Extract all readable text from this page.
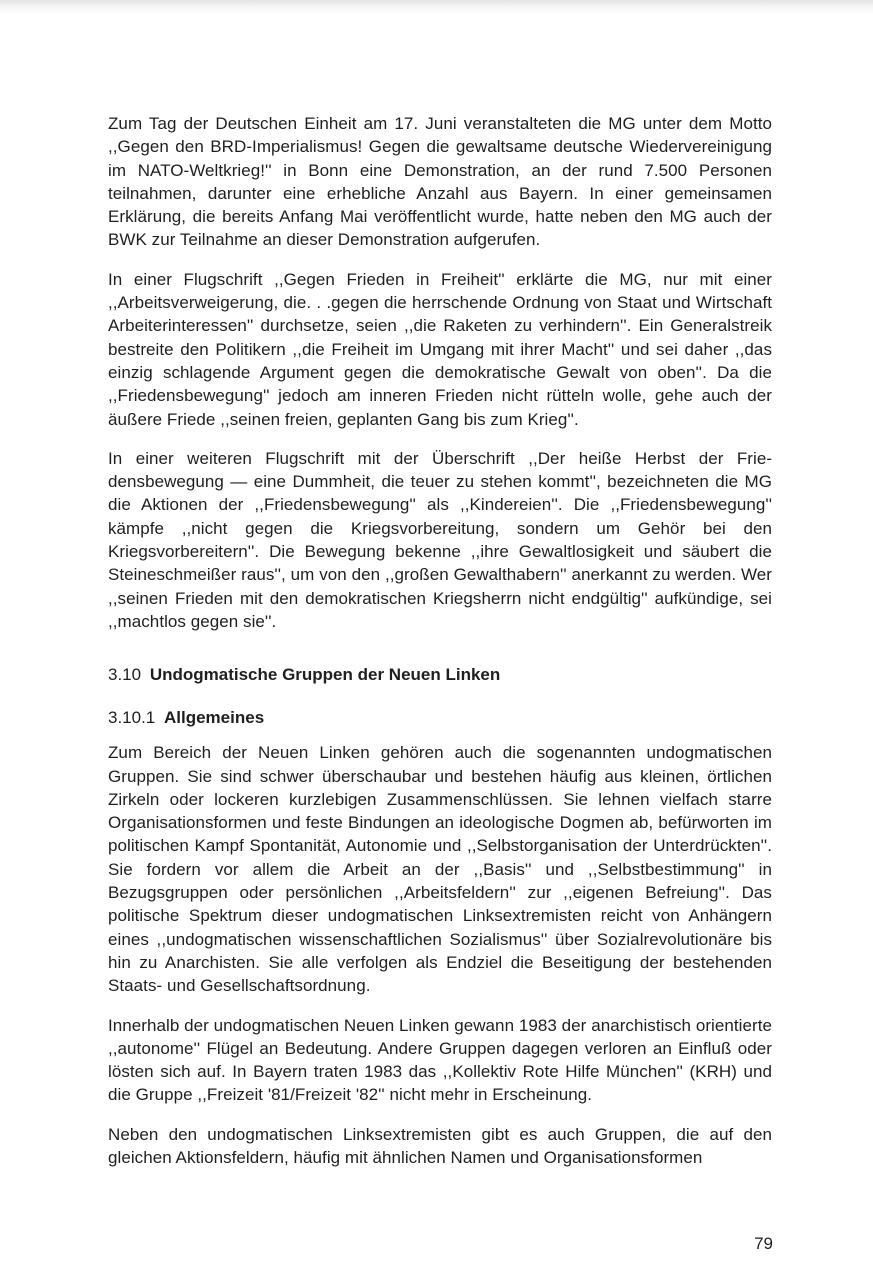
Zum Tag der Deutschen Einheit am 17. Juni veranstalteten die MG unter dem Motto ,,Gegen den BRD-Imperialismus! Gegen die gewaltsame deutsche Wiedervereinigung im NATO-Weltkrieg!'' in Bonn eine Demonstration, an der rund 7.500 Personen teilnahmen, darunter eine erhebliche Anzahl aus Bayern. In einer gemeinsamen Erklärung, die bereits Anfang Mai veröffentlicht wurde, hatte neben den MG auch der BWK zur Teilnahme an dieser Demonstration aufgerufen.

In einer Flugschrift ,,Gegen Frieden in Freiheit'' erklärte die MG, nur mit einer ,,Arbeitsverweigerung, die. . .gegen die herrschende Ordnung von Staat und Wirtschaft Arbeiterinteressen'' durchsetze, seien ,,die Raketen zu verhindern''. Ein Generalstreik bestreite den Politikern ,,die Freiheit im Umgang mit ihrer Macht'' und sei daher ,,das einzig schlagende Argument gegen die demokratische Gewalt von oben''. Da die ,,Friedensbewegung'' jedoch am inneren Frieden nicht rütteln wolle, gehe auch der äußere Friede ,,seinen freien, geplanten Gang bis zum Krieg''.

In einer weiteren Flugschrift mit der Überschrift ,,Der heiße Herbst der Friedensbewegung — eine Dummheit, die teuer zu stehen kommt'', bezeichneten die MG die Aktionen der ,,Friedensbewegung'' als ,,Kindereien''. Die ,,Friedensbewegung'' kämpfe ,,nicht gegen die Kriegsvorbereitung, sondern um Gehör bei den Kriegsvorbereitern''. Die Bewegung bekenne ,,ihre Gewaltlosigkeit und säubert die Steineschmeißer raus'', um von den ,,großen Gewalthabern'' anerkannt zu werden. Wer ,,seinen Frieden mit den demokratischen Kriegsherrn nicht endgültig'' aufkündige, sei ,,machtlos gegen sie''.

3.10 Undogmatische Gruppen der Neuen Linken
3.10.1 Allgemeines

Zum Bereich der Neuen Linken gehören auch die sogenannten undogmatischen Gruppen. Sie sind schwer überschaubar und bestehen häufig aus kleinen, örtlichen Zirkeln oder lockeren kurzlebigen Zusammenschlüssen. Sie lehnen vielfach starre Organisationsformen und feste Bindungen an ideologische Dogmen ab, befürworten im politischen Kampf Spontanität, Autonomie und ,,Selbstorganisation der Unterdrückten''. Sie fordern vor allem die Arbeit an der ,,Basis'' und ,,Selbstbestimmung'' in Bezugsgruppen oder persönlichen ,,Arbeitsfeldern'' zur ,,eigenen Befreiung''. Das politische Spektrum dieser undogmatischen Linksextremisten reicht von Anhängern eines ,,undogmatischen wissenschaftlichen Sozialismus'' über Sozialrevolutionäre bis hin zu Anarchisten. Sie alle verfolgen als Endziel die Beseitigung der bestehenden Staats- und Gesellschaftsordnung.

Innerhalb der undogmatischen Neuen Linken gewann 1983 der anarchistisch orientierte ,,autonome'' Flügel an Bedeutung. Andere Gruppen dagegen verloren an Einfluß oder lösten sich auf. In Bayern traten 1983 das ,,Kollektiv Rote Hilfe München'' (KRH) und die Gruppe ,,Freizeit '81/Freizeit '82'' nicht mehr in Erscheinung.

Neben den undogmatischen Linksextremisten gibt es auch Gruppen, die auf den gleichen Aktionsfeldern, häufig mit ähnlichen Namen und Organisationsformen

79
